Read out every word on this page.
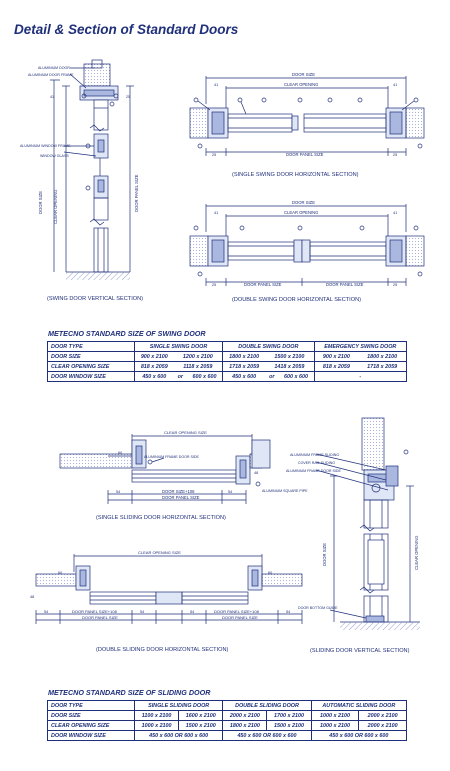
Detail & Section of Standard Doors
ALUMINIUM DOOR
ALUMINIUM DOOR FRAME
ALUMINIUM WINDOW FRAME
WINDOW GLASS
41	25
DOOR SIZE CLEAR OPENING	DOOR PANEL SIZE
DOOR SIZE
CLEAR OPENING
41	41
25	25
DOOR PANEL SIZE
DOOR SIZE
CLEAR OPENING
41	41
25	25
DOOR PANEL SIZE	DOOR PANEL SIZE
CLEAR OPENING SIZE
ALUMINIUM FRAME DOOR SIDE
ALUMINIUM SQUARE PIPE
60
48
54	54
DOOR SIZE+108
DOOR PANEL SIZE
CLEAR OPENING SIZE
60	60
48
54	54	54	54
DOOR PANEL SIZE+108	DOOR PANEL SIZE+108
DOOR PANEL SIZE	DOOR PANEL SIZE
ALUMINIUM FRAME SLIDING
COVER RAIL SLIDING
ALUMINIUM FRAME DOOR SIDE
DOOR BOTTOM GUIDE
DOOR SIZE	CLEAR OPENING
(SWING DOOR VERTICAL SECTION)
(SINGLE SWING DOOR HORIZONTAL SECTION)
(DOUBLE SWING DOOR HORIZONTAL SECTION)
(SINGLE SLIDING DOOR HORIZONTAL SECTION)
(DOUBLE SLIDING DOOR HORIZONTAL SECTION)	(SLIDING DOOR VERTICAL SECTION)
METECNO STANDARD SIZE OF SWING DOOR
DOOR TYPE	SINGLE SWING DOOR			DOUBLE SWING DOOR			EMERGENCY SWING DOOR	
DOOR SIZE	900 x 2100	1200 x 2100		1800 x 2100	1500 x 2100		900 x 2100	1800 x 2100
CLEAR OPENING SIZE	818 x 2059	1118 x 2059		1718 x 2059	1418 x 2059		818 x 2059	1718 x 2059
DOOR WINDOW SIZE	450 x 600	or	600 x 600	450 x 600	or	600 x 600	-	
METECNO STANDARD SIZE OF SLIDING DOOR
DOOR TYPE	SINGLE SLIDING DOOR		DOUBLE SLIDING DOOR		AUTOMATIC SLIDING DOOR	
DOOR SIZE	1100 x 2100	1600 x 2100	2000 x 2100	1700 x 2100	1000 x 2100	2000 x 2100
CLEAR OPENING SIZE	1000 x 2100	1500 x 2100	1800 x 2100	1500 x 2100	1000 x 2100	2000 x 2100
DOOR WINDOW SIZE	450 x 600 OR 600 x 600		450 x 600 OR 600 x 600		450 x 600 OR 600 x 600	
